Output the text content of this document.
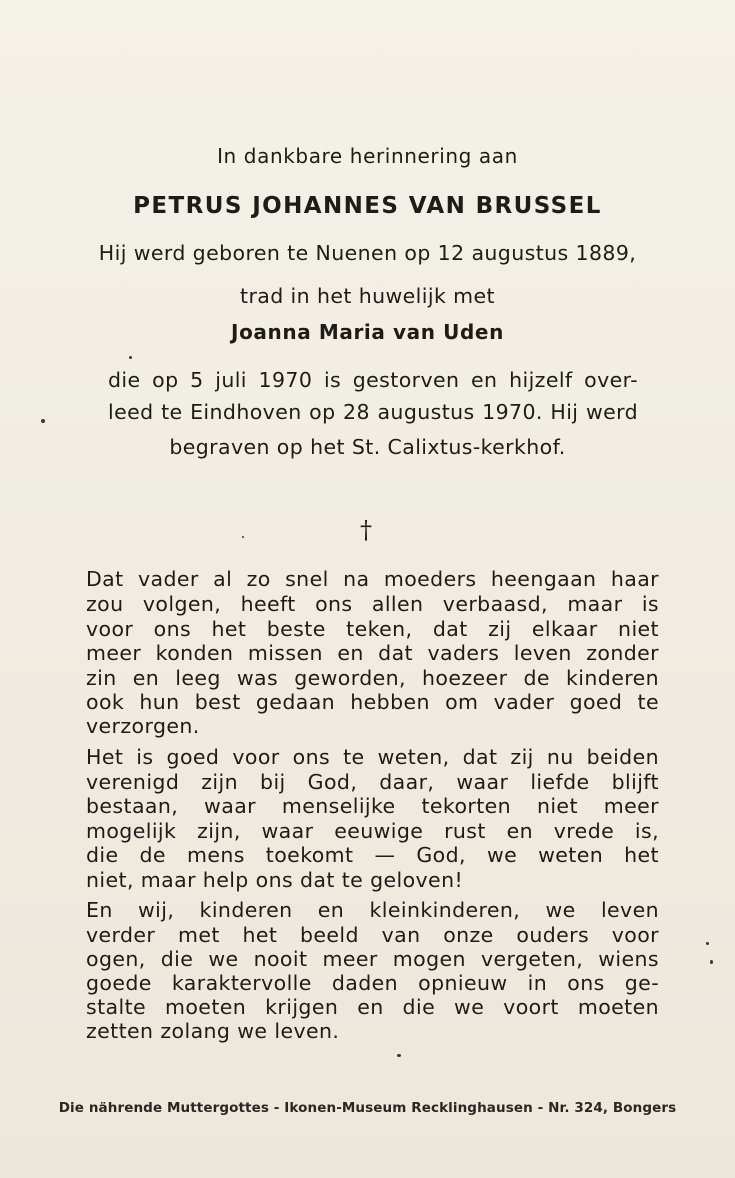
In dankbare herinnering aan
PETRUS JOHANNES VAN BRUSSEL
Hij werd geboren te Nuenen op 12 augustus 1889,
trad in het huwelijk met
Joanna Maria van Uden
die op 5 juli 1970 is gestorven en hijzelf over-
leed te Eindhoven op 28 augustus 1970. Hij werd
begraven op het St. Calixtus-kerkhof.
†
Dat vader al zo snel na moeders heengaan haar
zou volgen, heeft ons allen verbaasd, maar is
voor ons het beste teken, dat zij elkaar niet
meer konden missen en dat vaders leven zonder
zin en leeg was geworden, hoezeer de kinderen
ook hun best gedaan hebben om vader goed te
verzorgen.
Het is goed voor ons te weten, dat zij nu beiden
verenigd zijn bij God, daar, waar liefde blijft
bestaan, waar menselijke tekorten niet meer
mogelijk zijn, waar eeuwige rust en vrede is,
die de mens toekomt — God, we weten het
niet, maar help ons dat te geloven!
En wij, kinderen en kleinkinderen, we leven
verder met het beeld van onze ouders voor
ogen, die we nooit meer mogen vergeten, wiens
goede karaktervolle daden opnieuw in ons ge-
stalte moeten krijgen en die we voort moeten
zetten zolang we leven.
Die nährende Muttergottes - Ikonen-Museum Recklinghausen - Nr. 324, Bongers
